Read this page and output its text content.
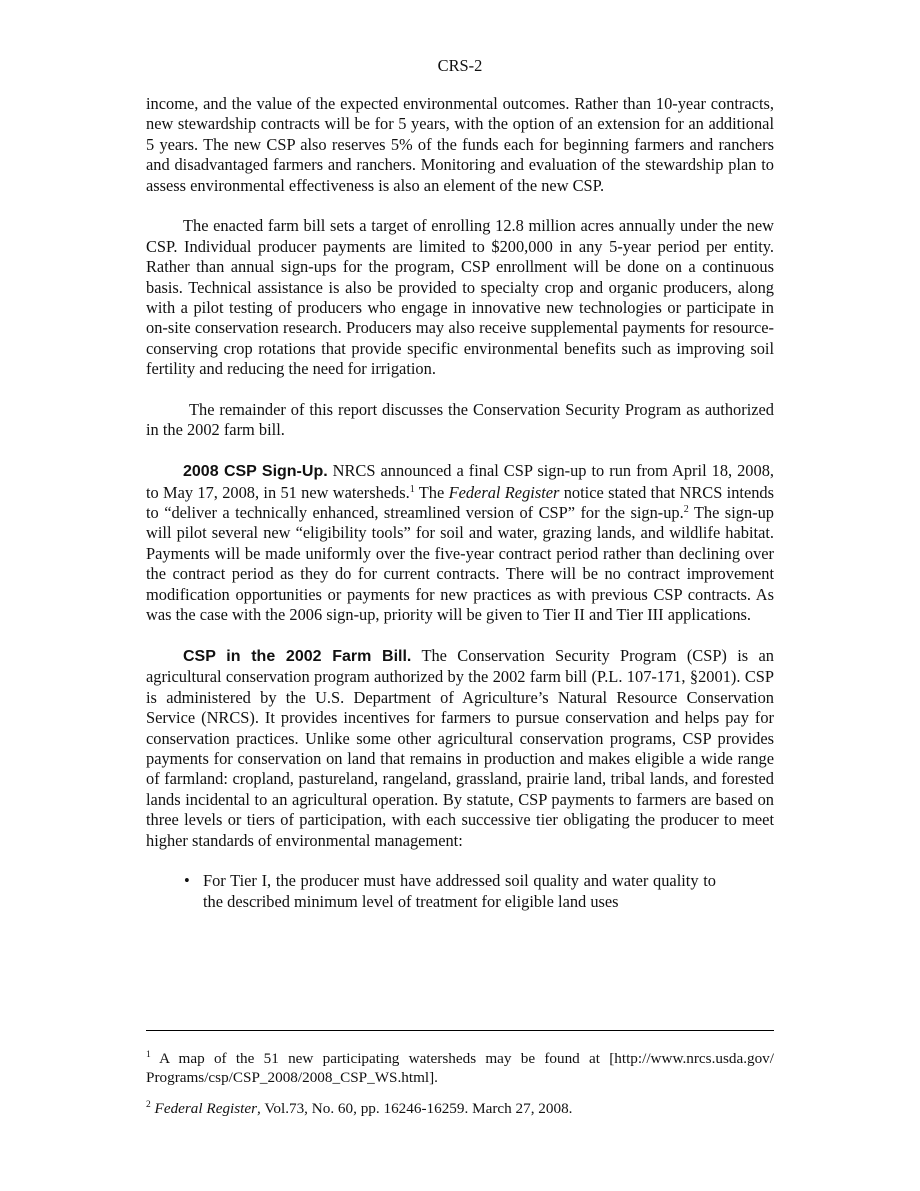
CRS-2

income, and the value of the expected environmental outcomes. Rather than 10-year contracts, new stewardship contracts will be for 5 years, with the option of an extension for an additional 5 years. The new CSP also reserves 5% of the funds each for beginning farmers and ranchers and disadvantaged farmers and ranchers. Monitoring and evaluation of the stewardship plan to assess environmental effectiveness is also an element of the new CSP.

The enacted farm bill sets a target of enrolling 12.8 million acres annually under the new CSP. Individual producer payments are limited to $200,000 in any 5-year period per entity. Rather than annual sign-ups for the program, CSP enrollment will be done on a continuous basis. Technical assistance is also be provided to specialty crop and organic producers, along with a pilot testing of producers who engage in innovative new technologies or participate in on-site conservation research. Producers may also receive supplemental payments for resource-conserving crop rotations that provide specific environmental benefits such as improving soil fertility and reducing the need for irrigation.

The remainder of this report discusses the Conservation Security Program as authorized in the 2002 farm bill.

2008 CSP Sign-Up. NRCS announced a final CSP sign-up to run from April 18, 2008, to May 17, 2008, in 51 new watersheds.$^1$ The Federal Register notice stated that NRCS intends to “deliver a technically enhanced, streamlined version of CSP” for the sign-up.$^2$ The sign-up will pilot several new “eligibility tools” for soil and water, grazing lands, and wildlife habitat. Payments will be made uniformly over the five-year contract period rather than declining over the contract period as they do for current contracts. There will be no contract improvement modification opportunities or payments for new practices as with previous CSP contracts. As was the case with the 2006 sign-up, priority will be given to Tier II and Tier III applications.

CSP in the 2002 Farm Bill. The Conservation Security Program (CSP) is an agricultural conservation program authorized by the 2002 farm bill (P.L. 107-171, §2001). CSP is administered by the U.S. Department of Agriculture’s Natural Resource Conservation Service (NRCS). It provides incentives for farmers to pursue conservation and helps pay for conservation practices. Unlike some other agricultural conservation programs, CSP provides payments for conservation on land that remains in production and makes eligible a wide range of farmland: cropland, pastureland, rangeland, grassland, prairie land, tribal lands, and forested lands incidental to an agricultural operation. By statute, CSP payments to farmers are based on three levels or tiers of participation, with each successive tier obligating the producer to meet higher standards of environmental management:

• For Tier I, the producer must have addressed soil quality and water quality to the described minimum level of treatment for eligible land uses

$^1$ A map of the 51 new participating watersheds may be found at [http://www.nrcs.usda.gov/ Programs/csp/CSP_2008/2008_CSP_WS.html].

$^2$ Federal Register, Vol.73, No. 60, pp. 16246-16259. March 27, 2008.
